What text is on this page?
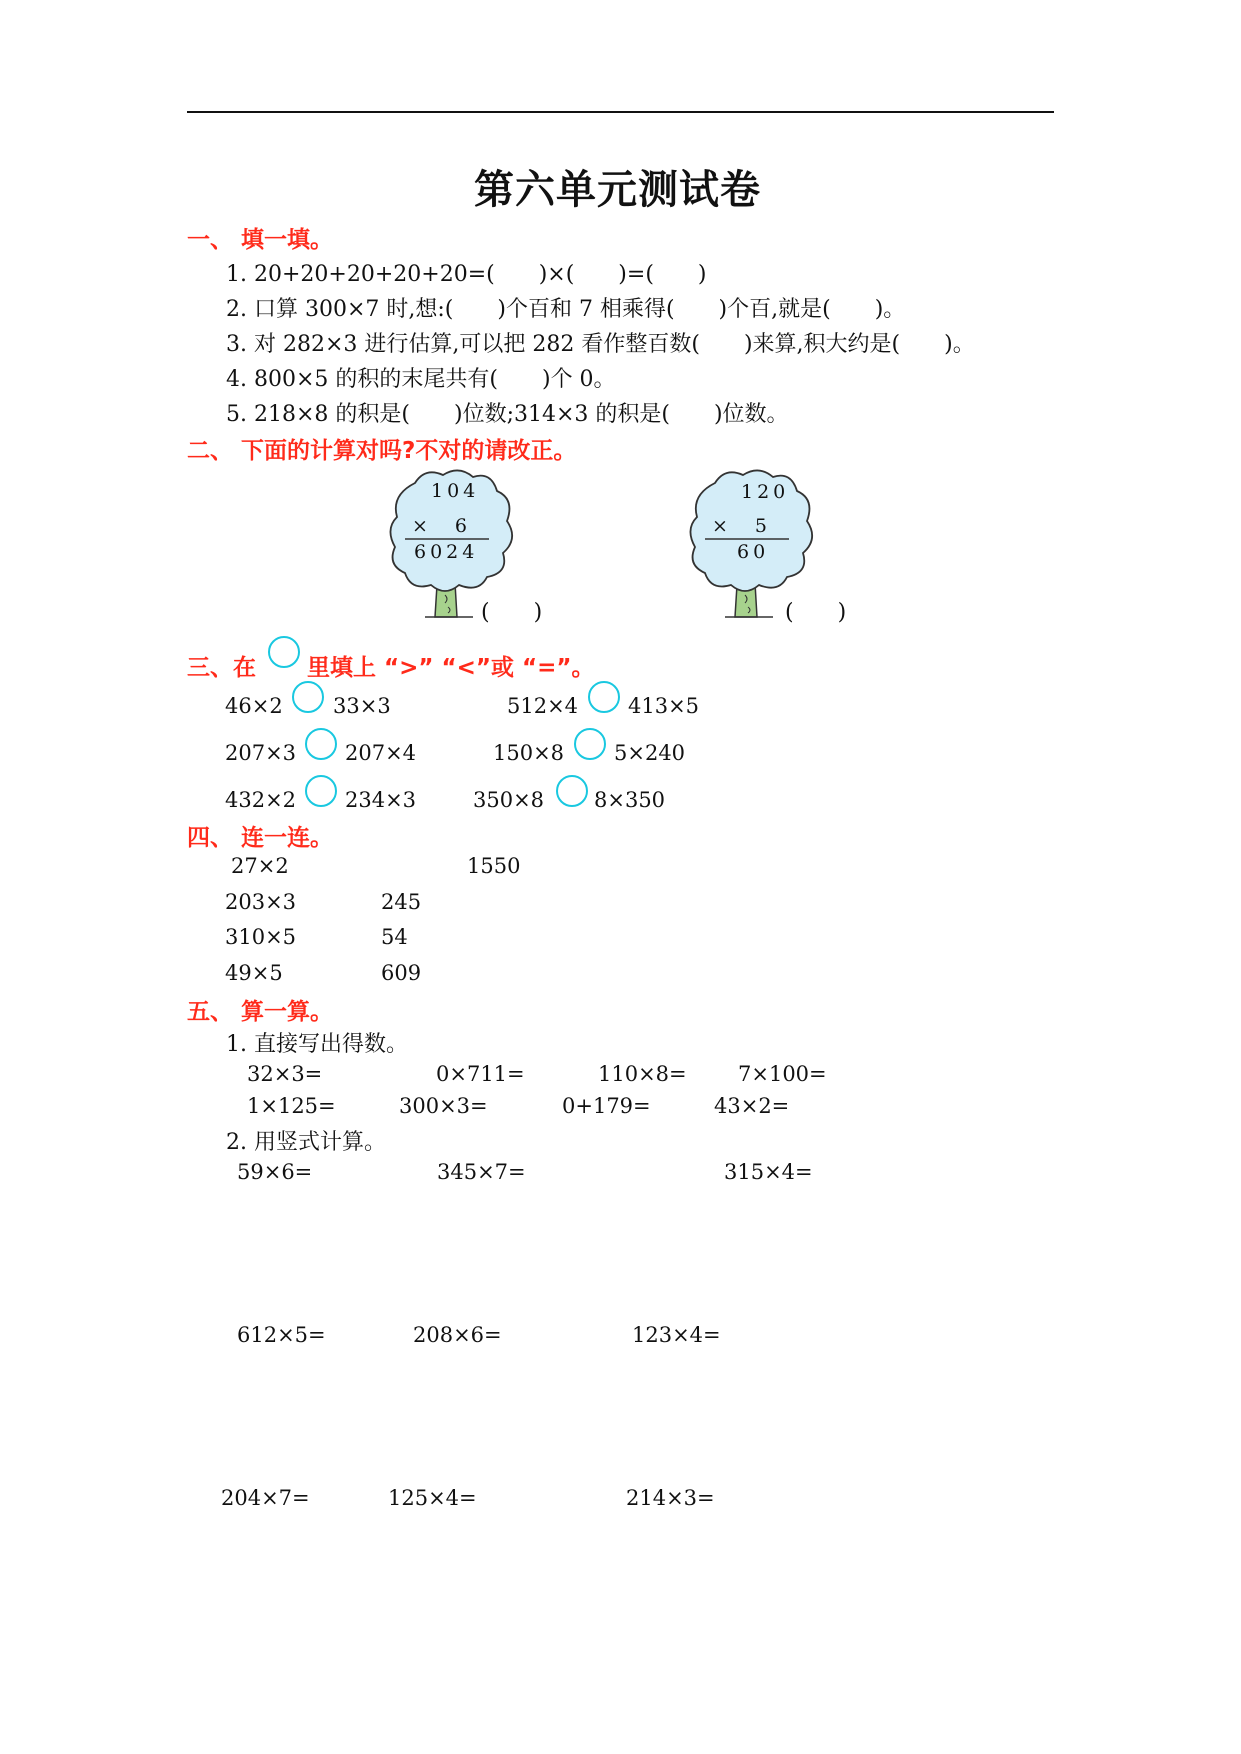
第六单元测试卷
一、 填一填。
1. 20+20+20+20+20=(　　)×(　　)=(　　)
2. 口算 300×7 时,想:(　　)个百和 7 相乘得(　　)个百,就是(　　)。
3. 对 282×3 进行估算,可以把 282 看作整百数(　　)来算,积大约是(　　)。
4. 800×5 的积的末尾共有(　　)个 0。
5. 218×8 的积是(　　)位数;314×3 的积是(　　)位数。
二、 下面的计算对吗?不对的请改正。
104
×　6
6024
(　　)
120
×　5
60
(　　)
三、在 里填上 “>” “<”或 “=”。
46×2 33×3	512×4 413×5
207×3 207×4	150×8 5×240
432×2 234×3	350×8 8×350
四、 连一连。
27×2
203×3
310×5
49×5
1550
245
54
609
五、 算一算。
1. 直接写出得数。
32×3=	0×711=	110×8= 7×100=
1×125=	300×3=	0+179=	43×2=
2. 用竖式计算。
59×6=	345×7=	315×4=
612×5=	208×6=	123×4=
204×7=	125×4=	214×3=
